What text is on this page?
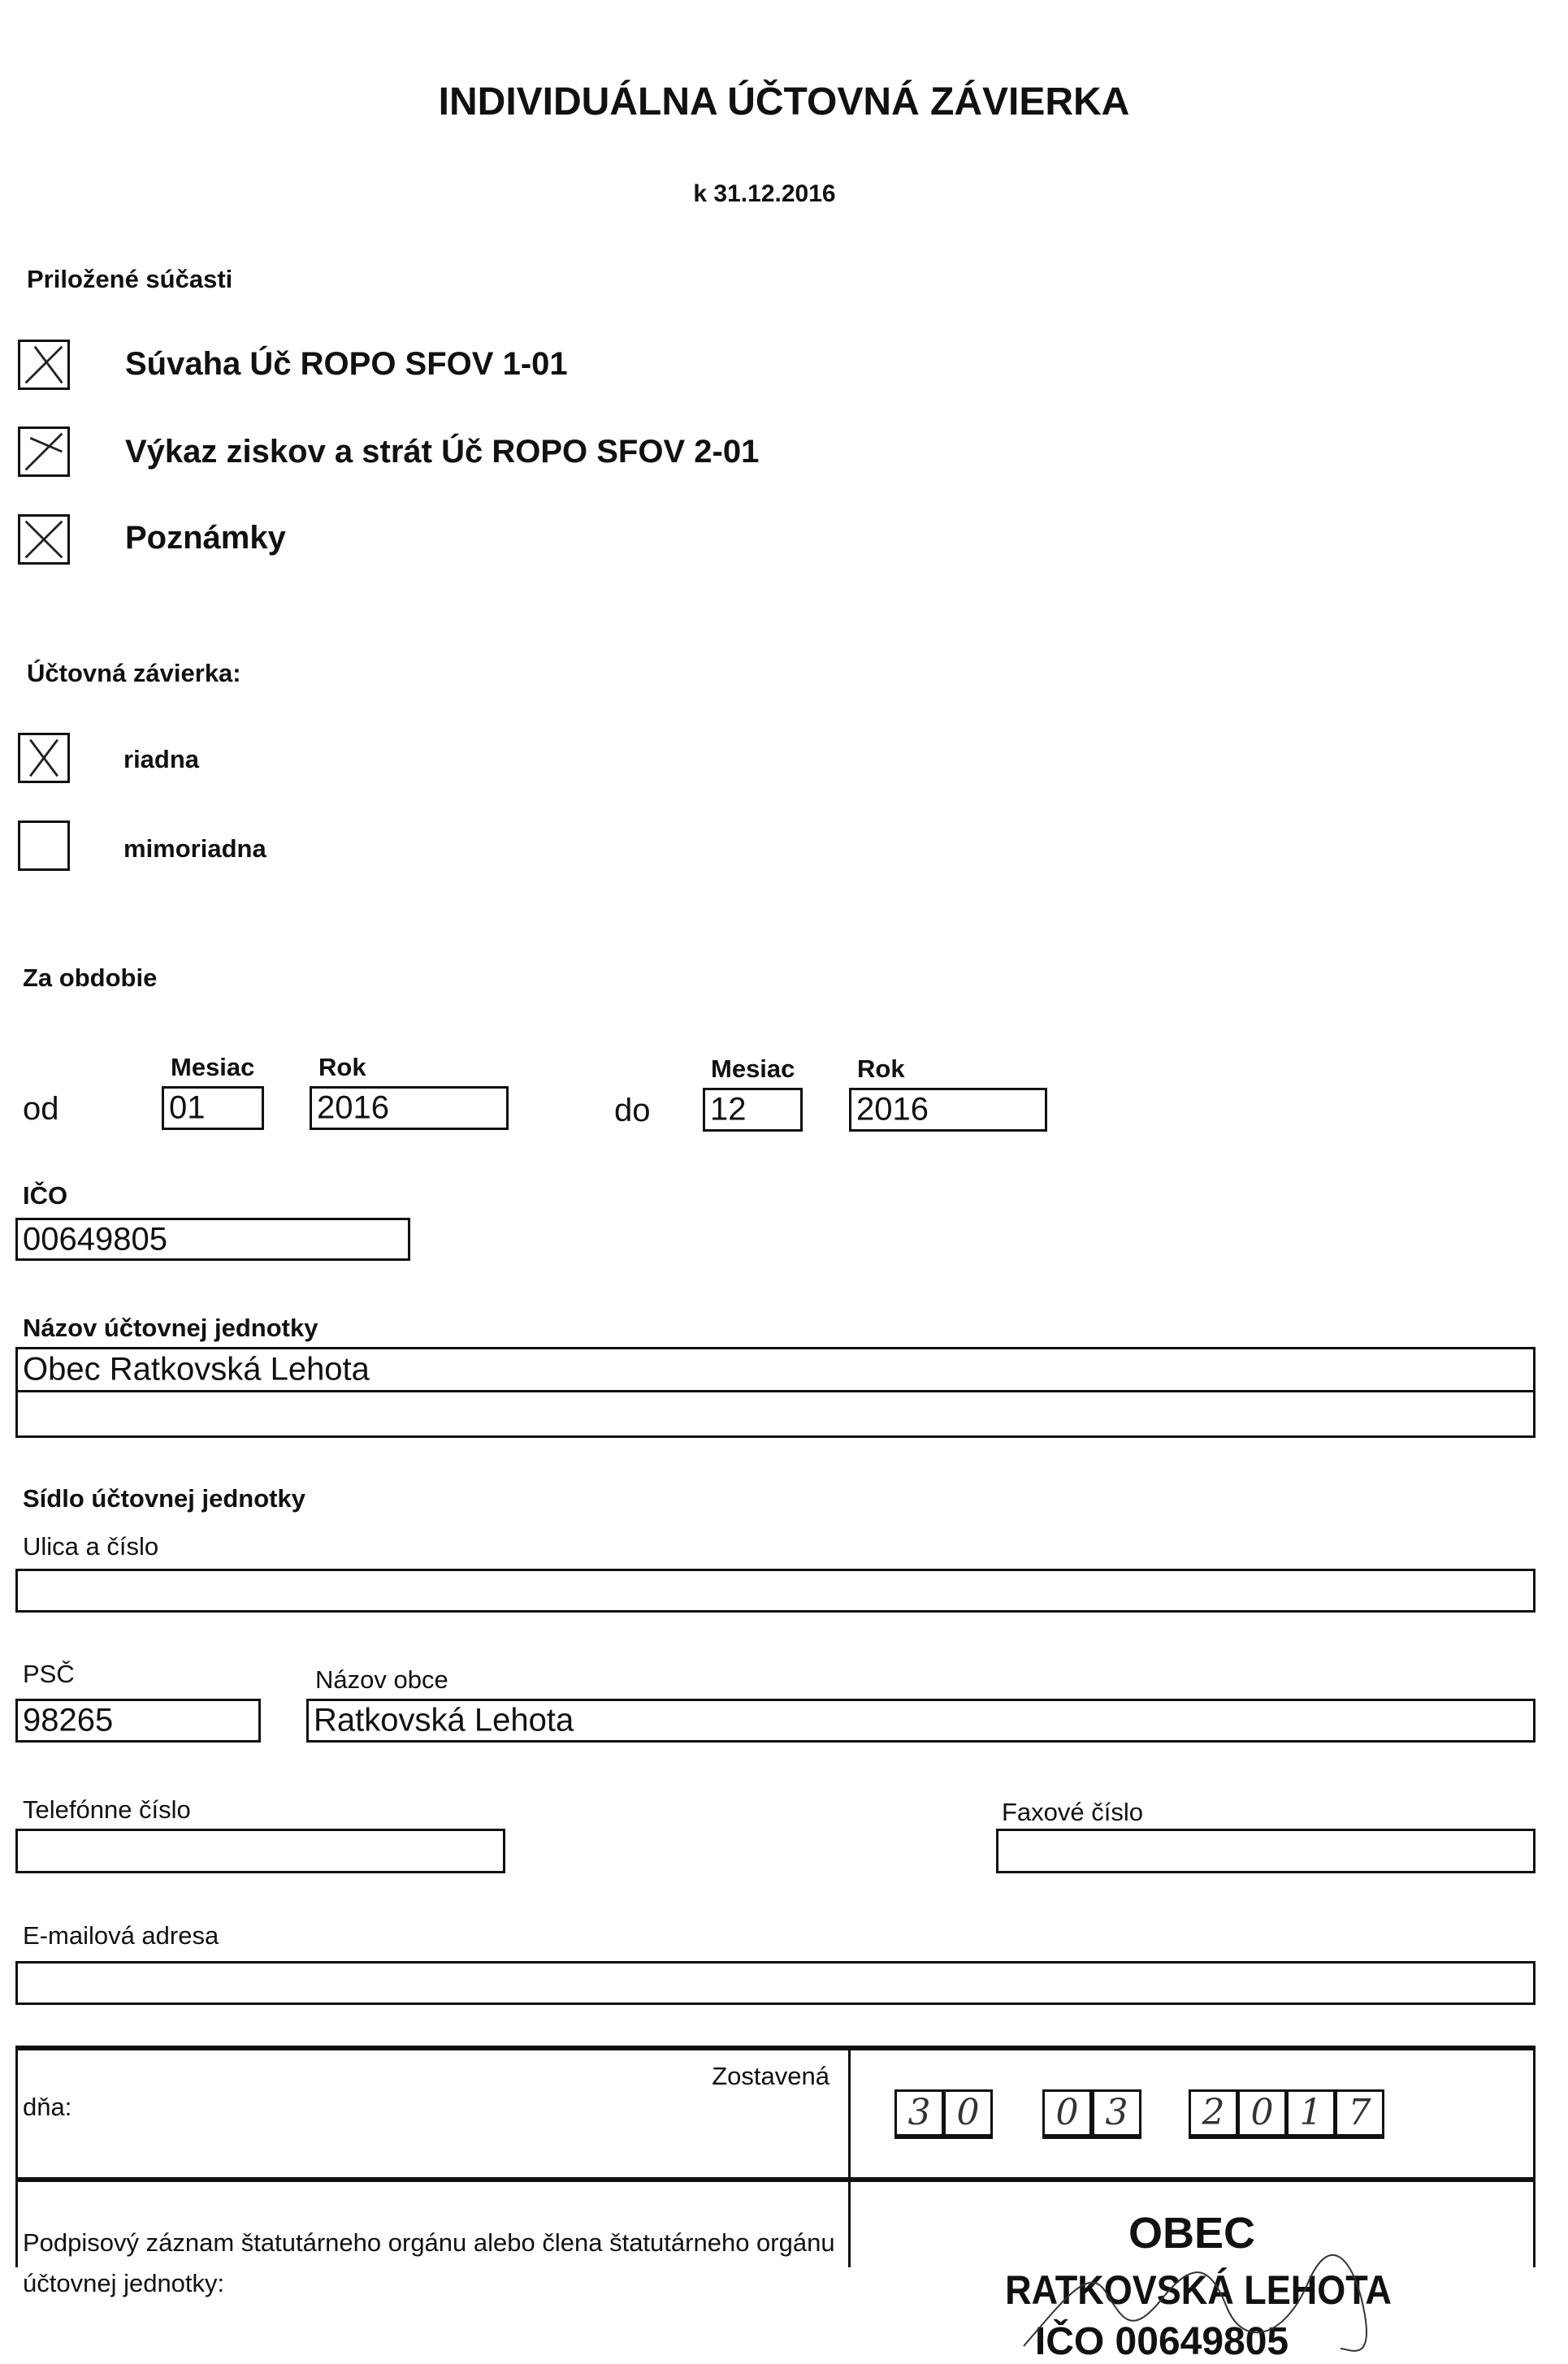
INDIVIDUÁLNA ÚČTOVNÁ ZÁVIERKA
k 31.12.2016
Priložené súčasti
Súvaha Úč ROPO SFOV 1-01
Výkaz ziskov a strát Úč ROPO SFOV 2-01
Poznámky
Účtovná závierka:
riadna
mimoriadna
Za obdobie
Mesiac	Rok	Mesiac Rok
od	01	2016	do 12	2016
IČO
00649805
Názov účtovnej jednotky
Obec Ratkovská Lehota
Sídlo účtovnej jednotky
Ulica a číslo
PSČ	Názov obce
98265	Ratkovská Lehota
Telefónne číslo	Faxové číslo
E-mailová adresa
Zostavená
dňa:
Podpisový záznam štatutárneho orgánu alebo člena štatutárneho orgánu účtovnej jednotky:
3 0	0 3	2 0 1 7
OBEC
RATKOVSKÁ LEHOTA
IČO 00649805
